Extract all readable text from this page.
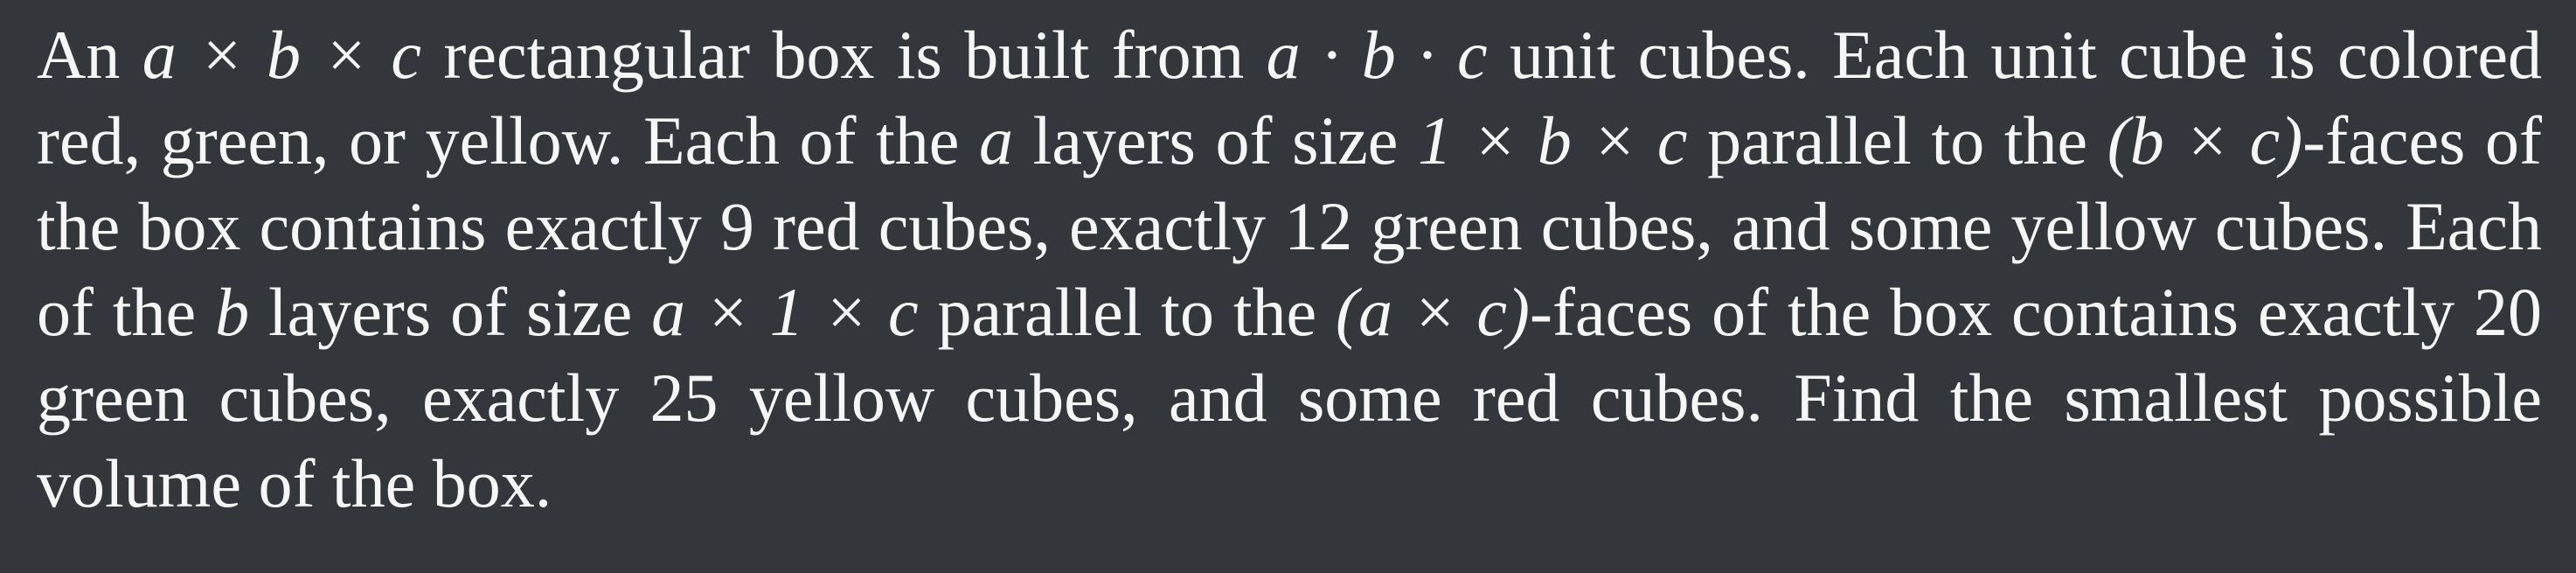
An a × b × c rectangular box is built from a · b · c unit cubes. Each unit cube is colored red, green, or yellow. Each of the a layers of size 1 × b × c parallel to the (b × c)-faces of the box contains exactly 9 red cubes, exactly 12 green cubes, and some yellow cubes. Each of the b layers of size a × 1 × c parallel to the (a × c)-faces of the box contains exactly 20 green cubes, exactly 25 yellow cubes, and some red cubes. Find the smallest possible volume of the box.
